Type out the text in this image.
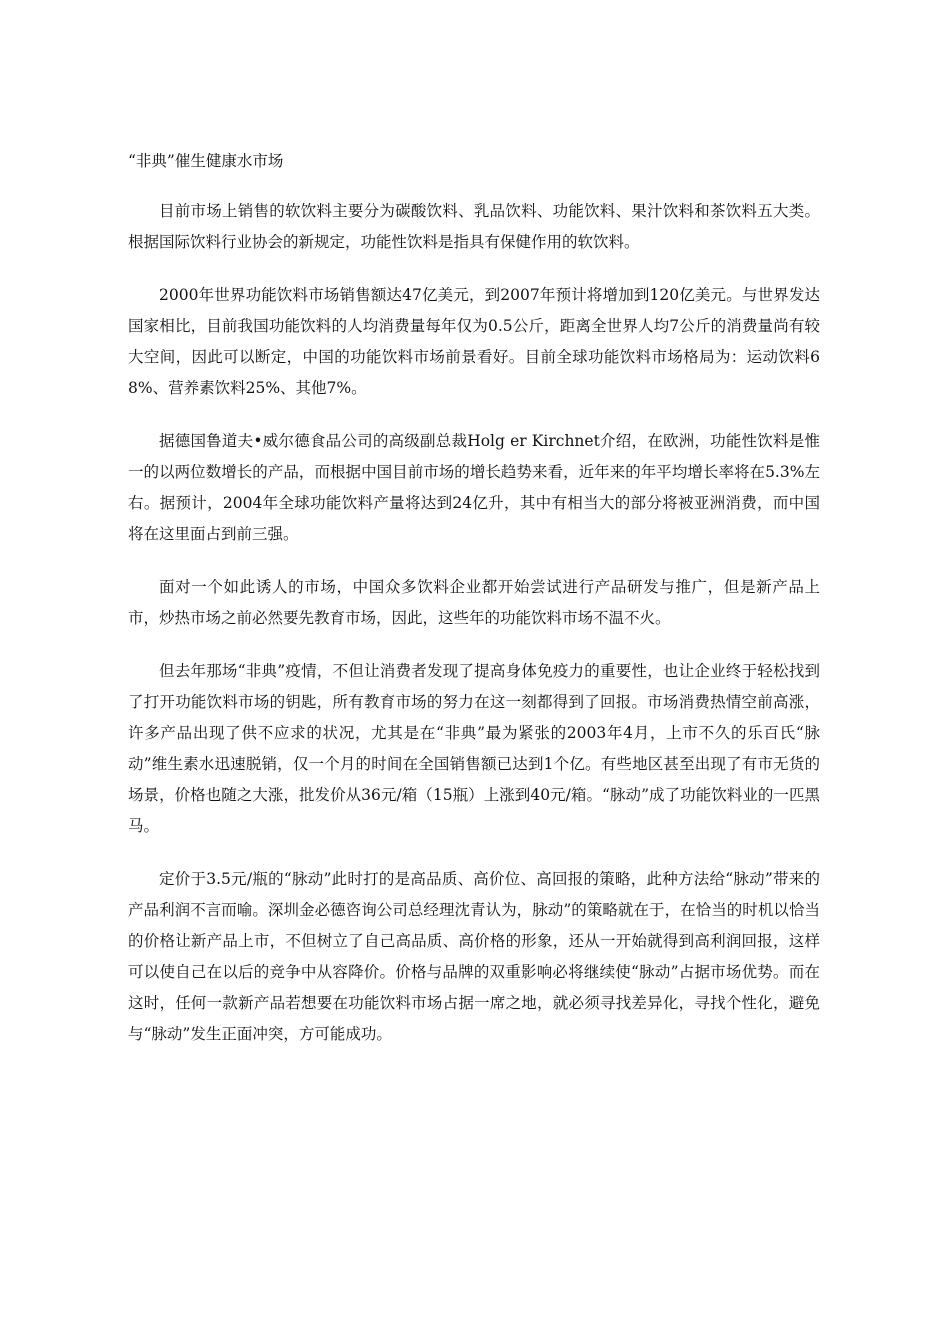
“非典”催生健康水市场

目前市场上销售的软饮料主要分为碳酸饮料、乳品饮料、功能饮料、果汁饮料和茶饮料五大类。根据国际饮料行业协会的新规定，功能性饮料是指具有保健作用的软饮料。

2000年世界功能饮料市场销售额达47亿美元，到2007年预计将增加到120亿美元。与世界发达国家相比，目前我国功能饮料的人均消费量每年仅为0.5公斤，距离全世界人均7公斤的消费量尚有较大空间，因此可以断定，中国的功能饮料市场前景看好。目前全球功能饮料市场格局为：运动饮料68%、营养素饮料25%、其他7%。

据德国鲁道夫•威尔德食品公司的高级副总裁Holg er Kirchnet介绍，在欧洲，功能性饮料是惟一的以两位数增长的产品，而根据中国目前市场的增长趋势来看，近年来的年平均增长率将在5.3%左右。据预计，2004年全球功能饮料产量将达到24亿升，其中有相当大的部分将被亚洲消费，而中国将在这里面占到前三强。

面对一个如此诱人的市场，中国众多饮料企业都开始尝试进行产品研发与推广，但是新产品上市，炒热市场之前必然要先教育市场，因此，这些年的功能饮料市场不温不火。

但去年那场“非典”疫情，不但让消费者发现了提高身体免疫力的重要性，也让企业终于轻松找到了打开功能饮料市场的钥匙，所有教育市场的努力在这一刻都得到了回报。市场消费热情空前高涨，许多产品出现了供不应求的状况，尤其是在“非典”最为紧张的2003年4月，上市不久的乐百氏“脉动”维生素水迅速脱销，仅一个月的时间在全国销售额已达到1个亿。有些地区甚至出现了有市无货的场景，价格也随之大涨，批发价从36元/箱（15瓶）上涨到40元/箱。“脉动”成了功能饮料业的一匹黑马。

定价于3.5元/瓶的“脉动”此时打的是高品质、高价位、高回报的策略，此种方法给“脉动”带来的产品利润不言而喻。深圳金必德咨询公司总经理沈青认为，脉动”的策略就在于，在恰当的时机以恰当的价格让新产品上市，不但树立了自己高品质、高价格的形象，还从一开始就得到高利润回报，这样可以使自己在以后的竞争中从容降价。价格与品牌的双重影响必将继续使“脉动”占据市场优势。而在这时，任何一款新产品若想要在功能饮料市场占据一席之地，就必须寻找差异化，寻找个性化，避免与“脉动”发生正面冲突，方可能成功。
